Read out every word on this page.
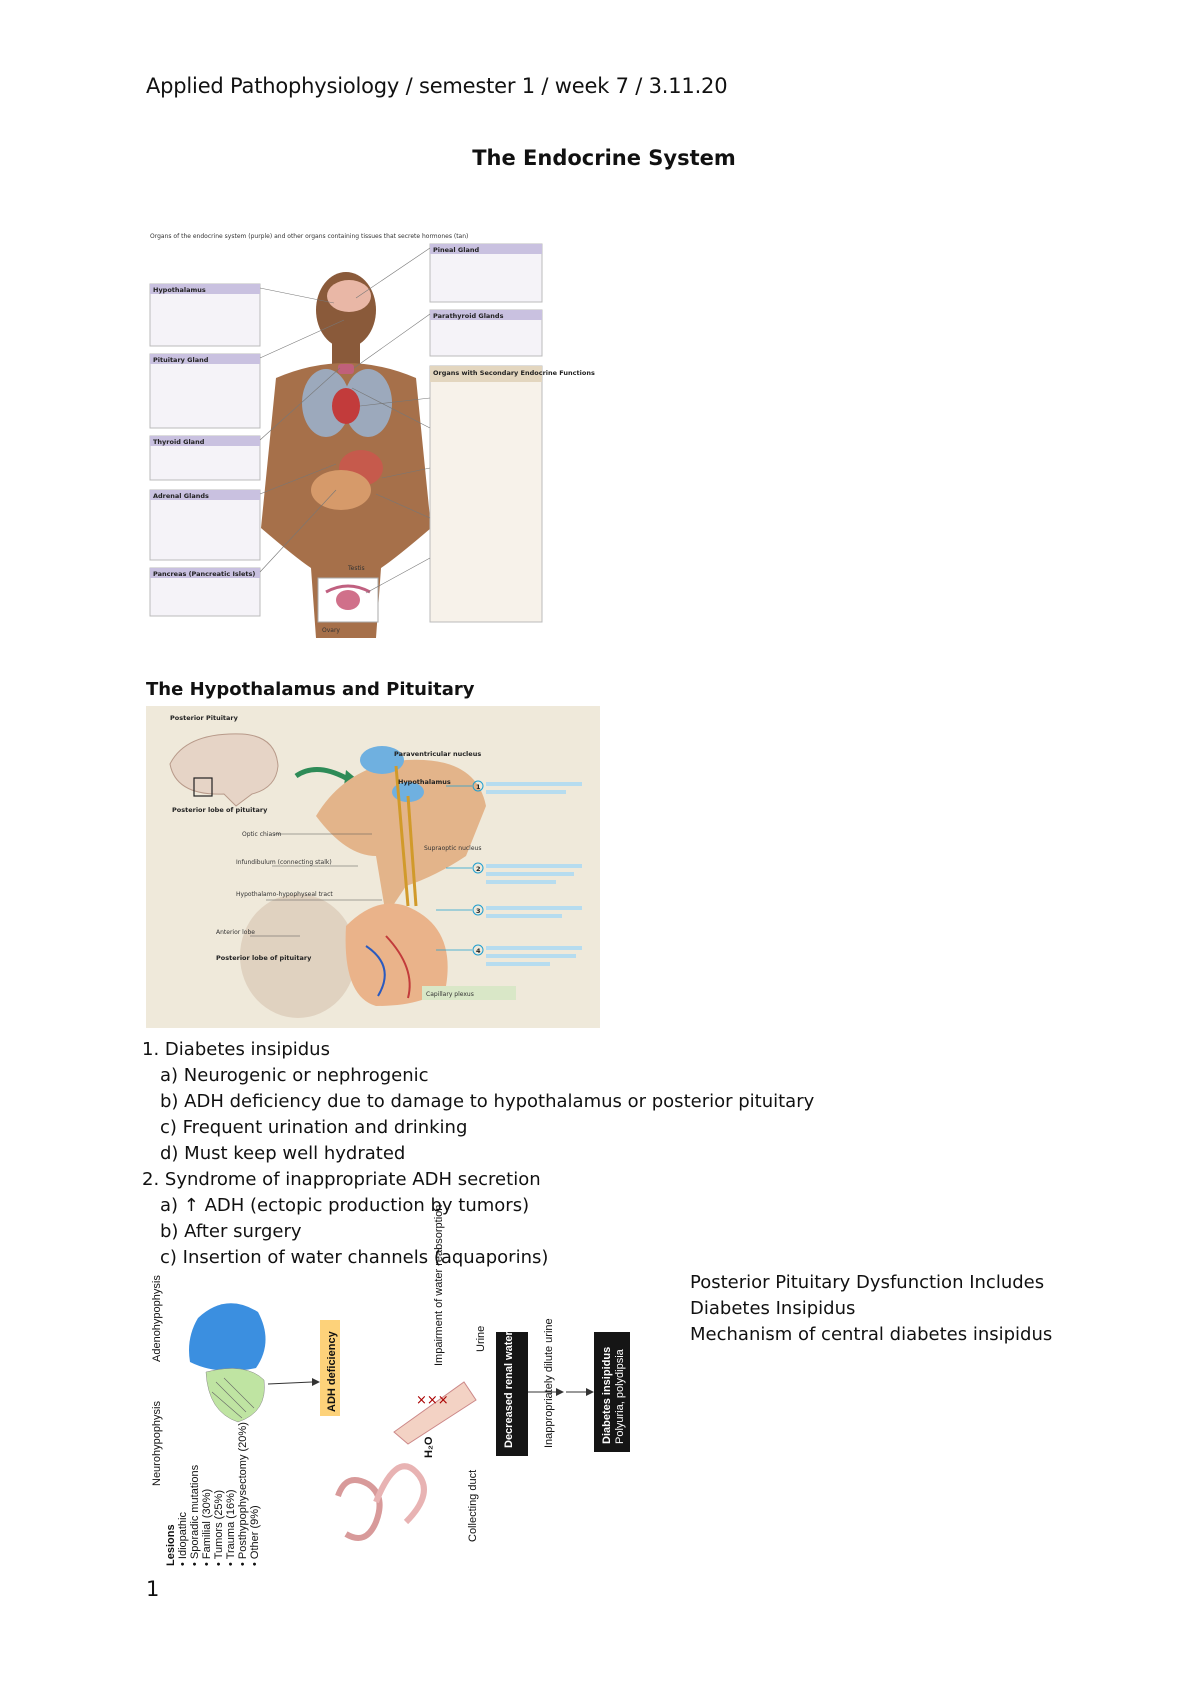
Applied Pathophysiology / semester 1 / week 7 / 3.11.20
The Endocrine System
Organs of the endocrine system (purple) and other organs containing tissues that secrete hormones (tan)
Ovary
Testis
Hypothalamus
Pituitary Gland
Thyroid Gland
Adrenal Glands
Pancreas (Pancreatic Islets)
Pineal Gland
Parathyroid Glands
Organs with Secondary Endocrine Functions
The Hypothalamus and Pituitary
Posterior Pituitary
Posterior lobe of pituitary
Paraventricular nucleus
Hypothalamus
Optic chiasm
Infundibulum (connecting stalk)
Hypothalamo-hypophyseal tract
Anterior lobe
Posterior lobe of pituitary
Supraoptic nucleus
Capillary plexus
1
2
3
4
1. Diabetes insipidus
a) Neurogenic or nephrogenic
b) ADH deficiency due to damage to hypothalamus or posterior pituitary
c) Frequent urination and drinking
d) Must keep well hydrated
2. Syndrome of inappropriate ADH secretion
a) ↑ ADH (ectopic production by tumors)
b) After surgery
c) Insertion of water channels (aquaporins)
Adenohypophysis
Neurohypophysis
Lesions • Idiopathic • Sporadic mutations • Familial (30%) • Tumors (25%) • Trauma (16%) • Posthypophysectomy (20%) • Other (9%)
ADH deficiency	×××
H₂O
Impairment of water reabsorption	Urine
Collecting duct
Decreased renal water reabsorption	Inappropriately dilute urine	Diabetes insipidus Polyuria, polydipsia
Posterior Pituitary Dysfunction Includes
Diabetes Insipidus
Mechanism of central diabetes insipidus
1
